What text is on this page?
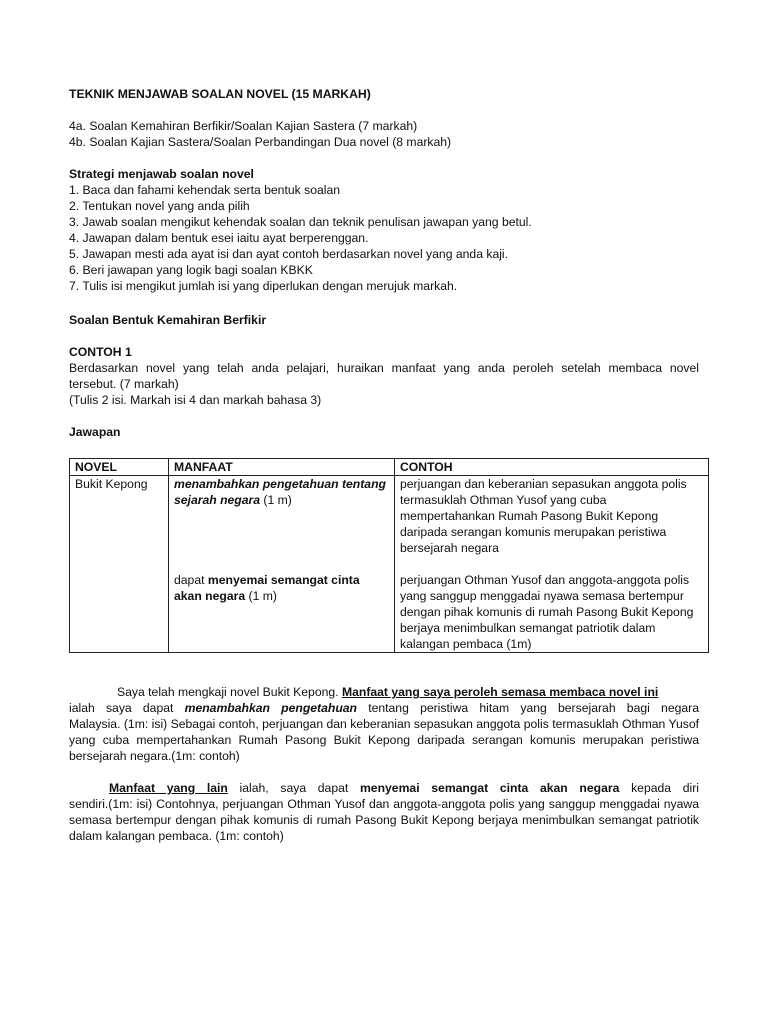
TEKNIK MENJAWAB SOALAN NOVEL (15 MARKAH)
4a. Soalan Kemahiran Berfikir/Soalan Kajian Sastera (7 markah)
4b. Soalan Kajian Sastera/Soalan Perbandingan Dua novel (8 markah)
Strategi menjawab soalan novel
1. Baca dan fahami kehendak serta bentuk soalan
2. Tentukan novel yang anda pilih
3. Jawab soalan mengikut kehendak soalan dan teknik penulisan jawapan yang betul.
4. Jawapan dalam bentuk esei iaitu ayat berperenggan.
5. Jawapan mesti ada ayat isi dan ayat contoh berdasarkan novel yang anda kaji.
6. Beri jawapan yang logik bagi soalan KBKK
7. Tulis isi mengikut jumlah isi yang diperlukan dengan merujuk markah.
Soalan Bentuk Kemahiran Berfikir
CONTOH 1
Berdasarkan novel yang telah anda pelajari, huraikan manfaat yang anda peroleh setelah membaca novel
tersebut. (7 markah)
(Tulis 2 isi. Markah isi 4 dan markah bahasa 3)
Jawapan
NOVEL	MANFAAT	CONTOH
Bukit Kepong	menambahkan pengetahuan tentang sejarah negara (1 m)	perjuangan dan keberanian sepasukan anggota polis termasuklah Othman Yusof yang cuba mempertahankan Rumah Pasong Bukit Kepong daripada serangan komunis merupakan peristiwa bersejarah negara

	dapat menyemai semangat cinta akan negara (1 m)	perjuangan Othman Yusof dan anggota-anggota polis yang sanggup menggadai nyawa semasa bertempur dengan pihak komunis di rumah Pasong Bukit Kepong berjaya menimbulkan semangat patriotik dalam kalangan pembaca (1m)
Saya telah mengkaji novel Bukit Kepong. Manfaat yang saya peroleh semasa membaca novel ini
ialah saya dapat menambahkan pengetahuan tentang peristiwa hitam yang bersejarah bagi negara
Malaysia. (1m: isi) Sebagai contoh, perjuangan dan keberanian sepasukan anggota polis termasuklah Othman Yusof yang cuba mempertahankan Rumah Pasong Bukit Kepong daripada serangan komunis merupakan peristiwa bersejarah negara.(1m: contoh)
Manfaat yang lain ialah, saya dapat menyemai semangat cinta akan negara kepada diri
sendiri.(1m: isi) Contohnya, perjuangan Othman Yusof dan anggota-anggota polis yang sanggup menggadai nyawa semasa bertempur dengan pihak komunis di rumah Pasong Bukit Kepong berjaya menimbulkan semangat patriotik dalam kalangan pembaca. (1m: contoh)
